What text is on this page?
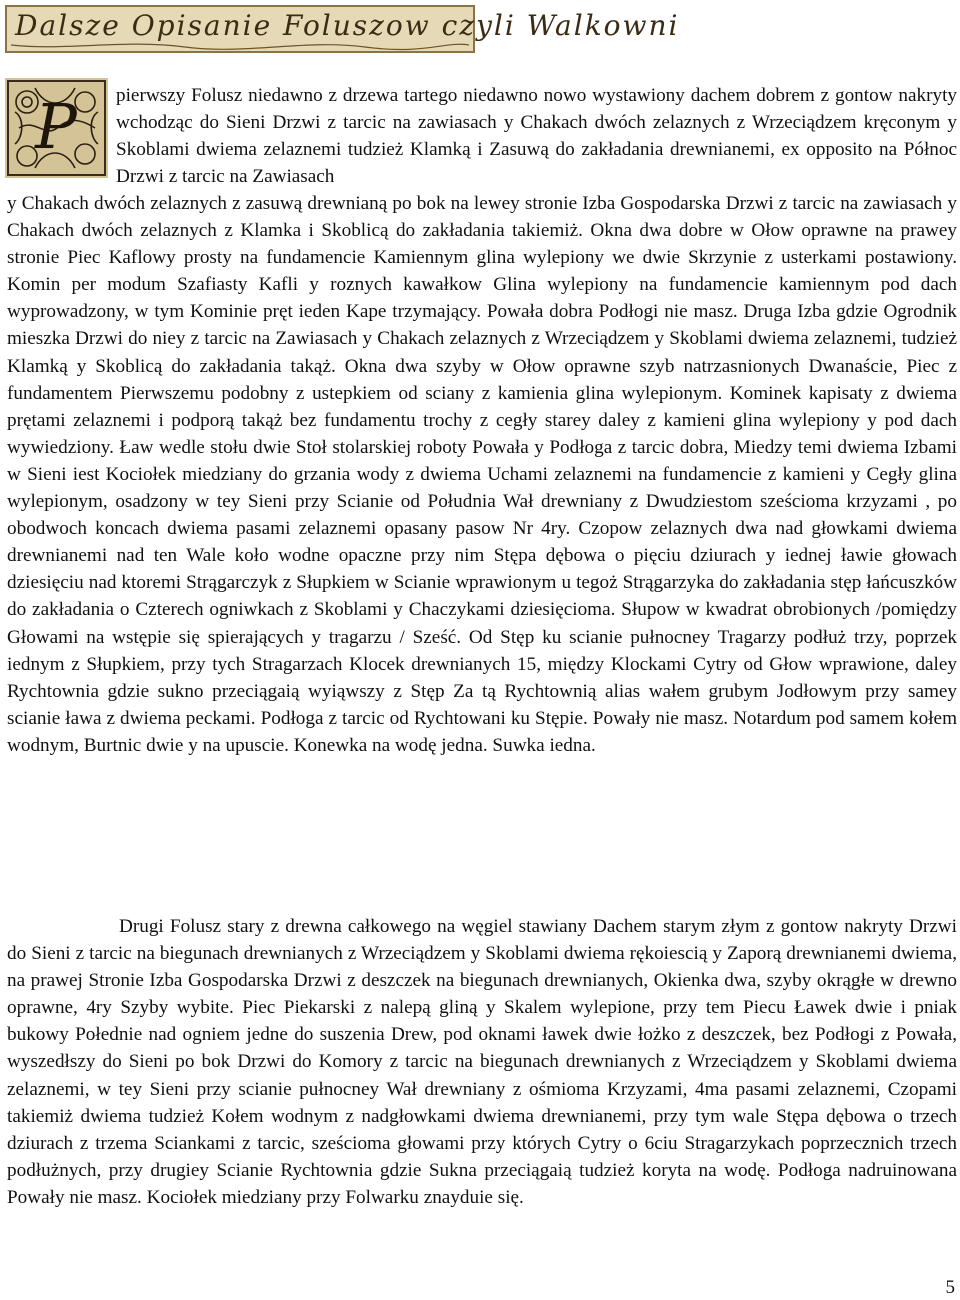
Dalsze Opisanie Foluszow czyli Walkowni
P pierwszy Folusz niedawno z drzewa tartego niedawno nowo wystawiony dachem dobrem z gontow nakryty wchodząc do Sieni Drzwi z tarcic na zawiasach y Chakach dwóch zelaznych z Wrzeciądzem kręconym y Skoblami dwiema zelaznemi tudzież Klamką i Zasuwą do zakładania drewnianemi, ex opposito na Północ Drzwi z tarcic na Zawiasach
y Chakach dwóch zelaznych z zasuwą drewnianą po bok na lewey stronie Izba Gospodarska Drzwi z tarcic na zawiasach y Chakach dwóch zelaznych z Klamka i Skoblicą do zakładania takiemiż. Okna dwa dobre w Ołow oprawne na prawey stronie Piec Kaflowy prosty na fundamencie Kamiennym glina wylepiony we dwie Skrzynie z usterkami postawiony. Komin per modum Szafiasty Kafli y roznych kawałkow Glina wylepiony na fundamencie kamiennym pod dach wyprowadzony, w tym Kominie pręt ieden Kape trzymający. Powała dobra Podłogi nie masz. Druga Izba gdzie Ogrodnik mieszka Drzwi do niey z tarcic na Zawiasach y Chakach zelaznych z Wrzeciądzem y Skoblami dwiema zelaznemi, tudzież Klamką y Skoblicą do zakładania takąż. Okna dwa szyby w Ołow oprawne szyb natrzasnionych Dwanaście, Piec z fundamentem Pierwszemu podobny z ustepkiem od sciany z kamienia glina wylepionym. Kominek kapisaty z dwiema prętami zelaznemi i podporą takąż bez fundamentu trochy z cegły starey daley z kamieni glina wylepiony y pod dach wywiedziony. Ław wedle stołu dwie Stoł stolarskiej roboty Powała y Podłoga z tarcic dobra, Miedzy temi dwiema Izbami w Sieni iest Kociołek miedziany do grzania wody z dwiema Uchami zelaznemi na fundamencie z kamieni y Cegły glina wylepionym, osadzony w tey Sieni przy Scianie od Południa Wał drewniany z Dwudziestom sześcioma krzyzami , po obodwoch koncach dwiema pasami zelaznemi opasany pasow Nr 4ry. Czopow zelaznych dwa nad głowkami dwiema drewnianemi nad ten Wale koło wodne opaczne przy nim Stępa dębowa o pięciu dziurach y iednej ławie głowach dziesięciu nad ktoremi Strągarczyk z Słupkiem w Scianie wprawionym u tegoż Strągarzyka do zakładania stęp łańcuszków do zakładania o Czterech ogniwkach z Skoblami y Chaczykami dziesięcioma. Słupow w kwadrat obrobionych /pomiędzy Głowami na wstępie się spierających y tragarzu / Sześć. Od Stęp ku scianie pułnocney Tragarzy podłuż trzy, poprzek iednym z Słupkiem, przy tych Stragarzach Klocek drewnianych 15, między Klockami Cytry od Głow wprawione, daley Rychtownia gdzie sukno przeciągaią wyiąwszy z Stęp Za tą Rychtownią alias wałem grubym Jodłowym przy samey scianie ława z dwiema peckami. Podłoga z tarcic od Rychtowani ku Stępie. Powały nie masz. Notardum pod samem kołem wodnym, Burtnic dwie y na upuscie. Konewka na wodę jedna. Suwka iedna.
Drugi Folusz stary z drewna całkowego na węgiel stawiany Dachem starym złym z gontow nakryty Drzwi do Sieni z tarcic na biegunach drewnianych z Wrzeciądzem y Skoblami dwiema rękoiescią y Zaporą drewnianemi dwiema, na prawej Stronie Izba Gospodarska Drzwi z deszczek na biegunach drewnianych, Okienka dwa, szyby okrągłe w drewno oprawne, 4ry Szyby wybite. Piec Piekarski z nalepą gliną y Skalem wylepione, przy tem Piecu Ławek dwie i pniak bukowy Połednie nad ogniem jedne do suszenia Drew, pod oknami ławek dwie łożko z deszczek, bez Podłogi z Powała, wyszedłszy do Sieni po bok Drzwi do Komory z tarcic na biegunach drewnianych z Wrzeciądzem y Skoblami dwiema zelaznemi, w tey Sieni przy scianie pułnocney Wał drewniany z ośmioma Krzyzami, 4ma pasami zelaznemi, Czopami takiemiż dwiema tudzież Kołem wodnym z nadgłowkami dwiema drewnianemi, przy tym wale Stępa dębowa o trzech dziurach z trzema Sciankami z tarcic, sześcioma głowami przy których Cytry o 6ciu Stragarzykach poprzecznich trzech podłużnych, przy drugiey Scianie Rychtownia gdzie Sukna przeciągaią tudzież koryta na wodę. Podłoga nadruinowana Powały nie masz. Kociołek miedziany przy Folwarku znayduie się.
5
